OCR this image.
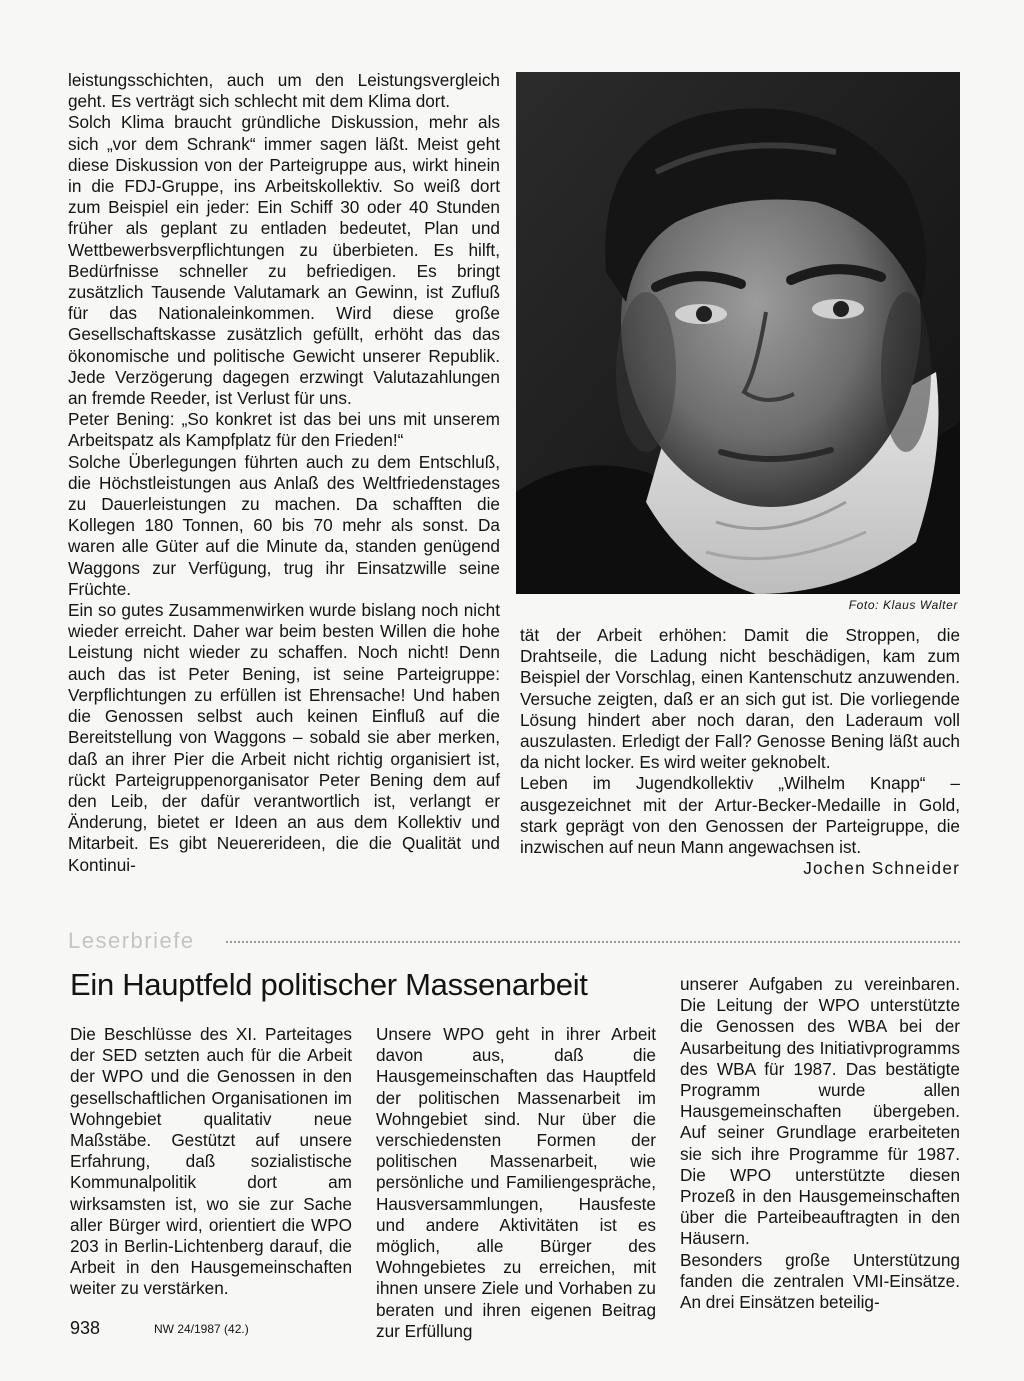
leistungsschichten, auch um den Leistungsvergleich geht. Es verträgt sich schlecht mit dem Klima dort.

Solch Klima braucht gründliche Diskussion, mehr als sich „vor dem Schrank“ immer sagen läßt. Meist geht diese Diskussion von der Parteigruppe aus, wirkt hinein in die FDJ-Gruppe, ins Arbeitskollektiv. So weiß dort zum Beispiel ein jeder: Ein Schiff 30 oder 40 Stunden früher als geplant zu entladen bedeutet, Plan und Wettbewerbsverpflichtungen zu überbieten. Es hilft, Bedürfnisse schneller zu befriedigen. Es bringt zusätzlich Tausende Valutamark an Gewinn, ist Zufluß für das Nationaleinkommen. Wird diese große Gesellschaftskasse zusätzlich gefüllt, erhöht das das ökonomische und politische Gewicht unserer Republik. Jede Verzögerung dagegen erzwingt Valutazahlungen an fremde Reeder, ist Verlust für uns.

Peter Bening: „So konkret ist das bei uns mit unserem Arbeitspatz als Kampfplatz für den Frieden!“

Solche Überlegungen führten auch zu dem Entschluß, die Höchstleistungen aus Anlaß des Weltfriedenstages zu Dauerleistungen zu machen. Da schafften die Kollegen 180 Tonnen, 60 bis 70 mehr als sonst. Da waren alle Güter auf die Minute da, standen genügend Waggons zur Verfügung, trug ihr Einsatzwille seine Früchte.

Ein so gutes Zusammenwirken wurde bislang noch nicht wieder erreicht. Daher war beim besten Willen die hohe Leistung nicht wieder zu schaffen. Noch nicht! Denn auch das ist Peter Bening, ist seine Parteigruppe: Verpflichtungen zu erfüllen ist Ehrensache! Und haben die Genossen selbst auch keinen Einfluß auf die Bereitstellung von Waggons – sobald sie aber merken, daß an ihrer Pier die Arbeit nicht richtig organisiert ist, rückt Parteigruppenorganisator Peter Bening dem auf den Leib, der dafür verantwortlich ist, verlangt er Änderung, bietet er Ideen an aus dem Kollektiv und Mitarbeit. Es gibt Neuererideen, die die Qualität und Kontinui-

Foto: Klaus Walter

tät der Arbeit erhöhen: Damit die Stroppen, die Drahtseile, die Ladung nicht beschädigen, kam zum Beispiel der Vorschlag, einen Kantenschutz anzuwenden. Versuche zeigten, daß er an sich gut ist. Die vorliegende Lösung hindert aber noch daran, den Laderaum voll auszulasten. Erledigt der Fall? Genosse Bening läßt auch da nicht locker. Es wird weiter geknobelt.

Leben im Jugendkollektiv „Wilhelm Knapp“ – ausgezeichnet mit der Artur-Becker-Medaille in Gold, stark geprägt von den Genossen der Parteigruppe, die inzwischen auf neun Mann angewachsen ist.

Jochen Schneider

Leserbriefe
Ein Hauptfeld politischer Massenarbeit

Die Beschlüsse des XI. Parteitages der SED setzten auch für die Arbeit der WPO und die Genossen in den gesellschaftlichen Organisationen im Wohngebiet qualitativ neue Maßstäbe. Gestützt auf unsere Erfahrung, daß sozialistische Kommunalpolitik dort am wirksamsten ist, wo sie zur Sache aller Bürger wird, orientiert die WPO 203 in Berlin-Lichtenberg darauf, die Arbeit in den Hausgemeinschaften weiter zu verstärken.

Unsere WPO geht in ihrer Arbeit davon aus, daß die Hausgemeinschaften das Hauptfeld der politischen Massenarbeit im Wohngebiet sind. Nur über die verschiedensten Formen der politischen Massenarbeit, wie persönliche und Familiengespräche, Hausversammlungen, Hausfeste und andere Aktivitäten ist es möglich, alle Bürger des Wohngebietes zu erreichen, mit ihnen unsere Ziele und Vorhaben zu beraten und ihren eigenen Beitrag zur Erfüllung

unserer Aufgaben zu vereinbaren. Die Leitung der WPO unterstützte die Genossen des WBA bei der Ausarbeitung des Initiativprogramms des WBA für 1987. Das bestätigte Programm wurde allen Hausgemeinschaften übergeben. Auf seiner Grundlage erarbeiteten sie sich ihre Programme für 1987. Die WPO unterstützte diesen Prozeß in den Hausgemeinschaften über die Parteibeauftragten in den Häusern.

Besonders große Unterstützung fanden die zentralen VMI-Einsätze. An drei Einsätzen beteilig-

938	NW 24/1987 (42.)
